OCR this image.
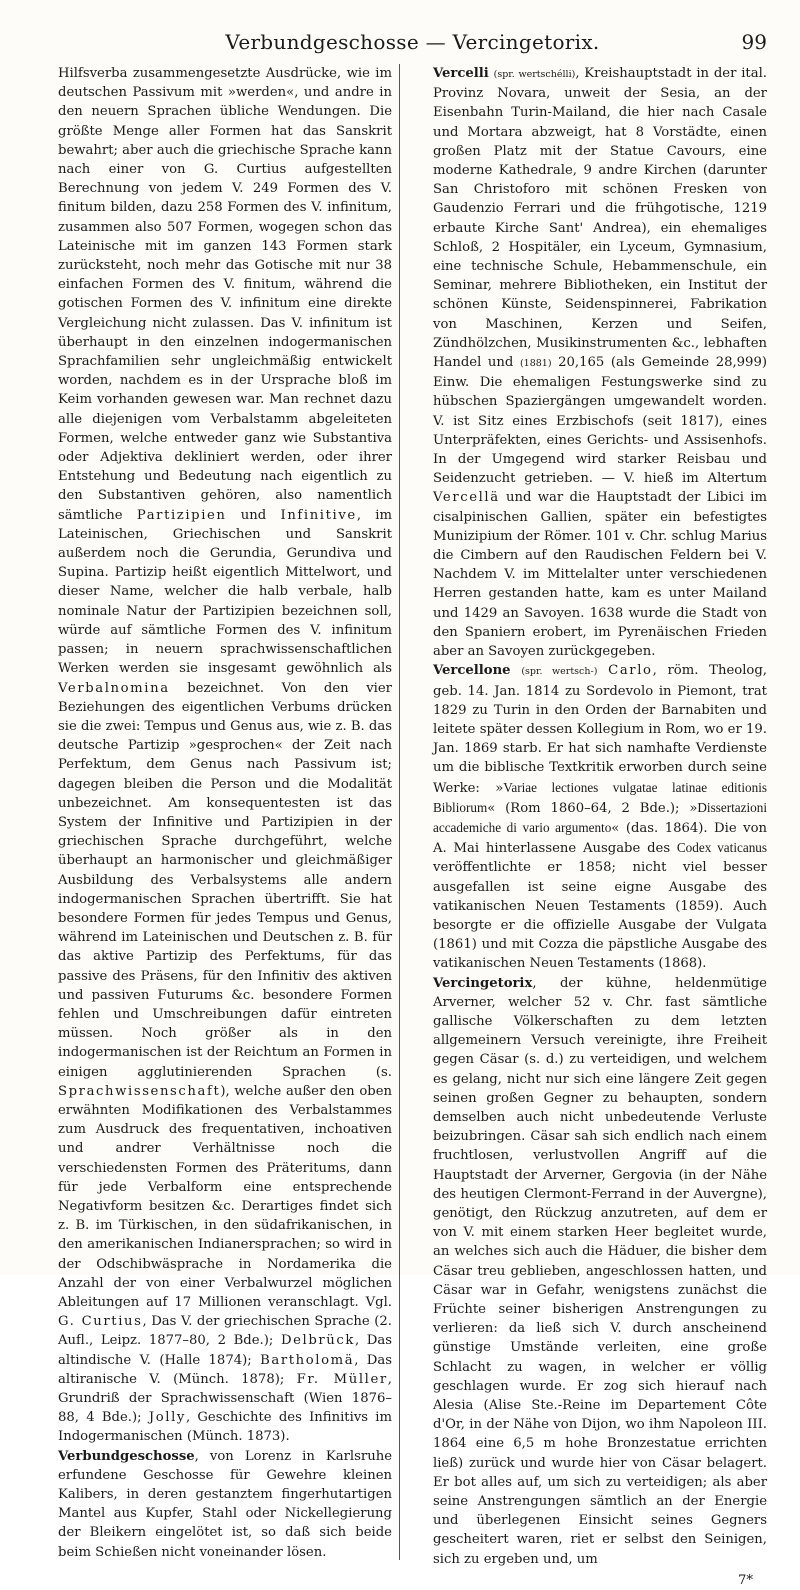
Verbundgeschosse — Vercingetorix.	99

Hilfsverba zusammengesetzte Ausdrücke, wie im deutschen Passivum mit »werden«, und andre in den neuern Sprachen übliche Wendungen. Die größte Menge aller Formen hat das Sanskrit bewahrt; aber auch die griechische Sprache kann nach einer von G. Curtius aufgestellten Berechnung von jedem V. 249 Formen des V. finitum bilden, dazu 258 Formen des V. infinitum, zusammen also 507 Formen, wogegen schon das Lateinische mit im ganzen 143 Formen stark zurücksteht, noch mehr das Gotische mit nur 38 einfachen Formen des V. finitum, während die gotischen Formen des V. infinitum eine direkte Vergleichung nicht zulassen. Das V. infinitum ist überhaupt in den einzelnen indogermanischen Sprachfamilien sehr ungleichmäßig entwickelt worden, nachdem es in der Ursprache bloß im Keim vorhanden gewesen war. Man rechnet dazu alle diejenigen vom Verbalstamm abgeleiteten Formen, welche entweder ganz wie Substantiva oder Adjektiva dekliniert werden, oder ihrer Entstehung und Bedeutung nach eigentlich zu den Substantiven gehören, also namentlich sämtliche Partizipien und Infinitive, im Lateinischen, Griechischen und Sanskrit außerdem noch die Gerundia, Gerundiva und Supina. Partizip heißt eigentlich Mittelwort, und dieser Name, welcher die halb verbale, halb nominale Natur der Partizipien bezeichnen soll, würde auf sämtliche Formen des V. infinitum passen; in neuern sprachwissenschaftlichen Werken werden sie insgesamt gewöhnlich als Verbalnomina bezeichnet. Von den vier Beziehungen des eigentlichen Verbums drücken sie die zwei: Tempus und Genus aus, wie z. B. das deutsche Partizip »gesprochen« der Zeit nach Perfektum, dem Genus nach Passivum ist; dagegen bleiben die Person und die Modalität unbezeichnet. Am konsequentesten ist das System der Infinitive und Partizipien in der griechischen Sprache durchgeführt, welche überhaupt an harmonischer und gleichmäßiger Ausbildung des Verbalsystems alle andern indogermanischen Sprachen übertrifft. Sie hat besondere Formen für jedes Tempus und Genus, während im Lateinischen und Deutschen z. B. für das aktive Partizip des Perfektums, für das passive des Präsens, für den Infinitiv des aktiven und passiven Futurums &c. besondere Formen fehlen und Umschreibungen dafür eintreten müssen. Noch größer als in den indogermanischen ist der Reichtum an Formen in einigen agglutinierenden Sprachen (s. Sprachwissenschaft), welche außer den oben erwähnten Modifikationen des Verbalstammes zum Ausdruck des frequentativen, inchoativen und andrer Verhältnisse noch die verschiedensten Formen des Präteritums, dann für jede Verbalform eine entsprechende Negativform besitzen &c. Derartiges findet sich z. B. im Türkischen, in den südafrikanischen, in den amerikanischen Indianersprachen; so wird in der Odschibwäsprache in Nordamerika die Anzahl der von einer Verbalwurzel möglichen Ableitungen auf 17 Millionen veranschlagt. Vgl. G. Curtius, Das V. der griechischen Sprache (2. Aufl., Leipz. 1877–80, 2 Bde.); Delbrück, Das altindische V. (Halle 1874); Bartholomä, Das altiranische V. (Münch. 1878); Fr. Müller, Grundriß der Sprachwissenschaft (Wien 1876–88, 4 Bde.); Jolly, Geschichte des Infinitivs im Indogermanischen (Münch. 1873).

Verbundgeschosse, von Lorenz in Karlsruhe erfundene Geschosse für Gewehre kleinen Kalibers, in deren gestanztem fingerhutartigen Mantel aus Kupfer, Stahl oder Nickellegierung der Bleikern eingelötet ist, so daß sich beide beim Schießen nicht voneinander lösen.

Vercelli (spr. wertschélli), Kreishauptstadt in der ital. Provinz Novara, unweit der Sesia, an der Eisenbahn Turin-Mailand, die hier nach Casale und Mortara abzweigt, hat 8 Vorstädte, einen großen Platz mit der Statue Cavours, eine moderne Kathedrale, 9 andre Kirchen (darunter San Christoforo mit schönen Fresken von Gaudenzio Ferrari und die frühgotische, 1219 erbaute Kirche Sant' Andrea), ein ehemaliges Schloß, 2 Hospitäler, ein Lyceum, Gymnasium, eine technische Schule, Hebammenschule, ein Seminar, mehrere Bibliotheken, ein Institut der schönen Künste, Seidenspinnerei, Fabrikation von Maschinen, Kerzen und Seifen, Zündhölzchen, Musikinstrumenten &c., lebhaften Handel und (1881) 20,165 (als Gemeinde 28,999) Einw. Die ehemaligen Festungswerke sind zu hübschen Spaziergängen umgewandelt worden. V. ist Sitz eines Erzbischofs (seit 1817), eines Unterpräfekten, eines Gerichts- und Assisenhofs. In der Umgegend wird starker Reisbau und Seidenzucht getrieben. — V. hieß im Altertum Vercellä und war die Hauptstadt der Libici im cisalpinischen Gallien, später ein befestigtes Munizipium der Römer. 101 v. Chr. schlug Marius die Cimbern auf den Raudischen Feldern bei V. Nachdem V. im Mittelalter unter verschiedenen Herren gestanden hatte, kam es unter Mailand und 1429 an Savoyen. 1638 wurde die Stadt von den Spaniern erobert, im Pyrenäischen Frieden aber an Savoyen zurückgegeben.

Vercellone (spr. wertsch-) Carlo, röm. Theolog, geb. 14. Jan. 1814 zu Sordevolo in Piemont, trat 1829 zu Turin in den Orden der Barnabiten und leitete später dessen Kollegium in Rom, wo er 19. Jan. 1869 starb. Er hat sich namhafte Verdienste um die biblische Textkritik erworben durch seine Werke: »Variae lectiones vulgatae latinae editionis Bibliorum« (Rom 1860–64, 2 Bde.); »Dissertazioni accademiche di vario argumento« (das. 1864). Die von A. Mai hinterlassene Ausgabe des Codex vaticanus veröffentlichte er 1858; nicht viel besser ausgefallen ist seine eigne Ausgabe des vatikanischen Neuen Testaments (1859). Auch besorgte er die offizielle Ausgabe der Vulgata (1861) und mit Cozza die päpstliche Ausgabe des vatikanischen Neuen Testaments (1868).

Vercingetorix, der kühne, heldenmütige Arverner, welcher 52 v. Chr. fast sämtliche gallische Völkerschaften zu dem letzten allgemeinern Versuch vereinigte, ihre Freiheit gegen Cäsar (s. d.) zu verteidigen, und welchem es gelang, nicht nur sich eine längere Zeit gegen seinen großen Gegner zu behaupten, sondern demselben auch nicht unbedeutende Verluste beizubringen. Cäsar sah sich endlich nach einem fruchtlosen, verlustvollen Angriff auf die Hauptstadt der Arverner, Gergovia (in der Nähe des heutigen Clermont-Ferrand in der Auvergne), genötigt, den Rückzug anzutreten, auf dem er von V. mit einem starken Heer begleitet wurde, an welches sich auch die Häduer, die bisher dem Cäsar treu geblieben, angeschlossen hatten, und Cäsar war in Gefahr, wenigstens zunächst die Früchte seiner bisherigen Anstrengungen zu verlieren: da ließ sich V. durch anscheinend günstige Umstände verleiten, eine große Schlacht zu wagen, in welcher er völlig geschlagen wurde. Er zog sich hierauf nach Alesia (Alise Ste.-Reine im Departement Côte d'Or, in der Nähe von Dijon, wo ihm Napoleon III. 1864 eine 6,5 m hohe Bronzestatue errichten ließ) zurück und wurde hier von Cäsar belagert. Er bot alles auf, um sich zu verteidigen; als aber seine Anstrengungen sämtlich an der Energie und überlegenen Einsicht seines Gegners gescheitert waren, riet er selbst den Seinigen, sich zu ergeben und, um

7*
